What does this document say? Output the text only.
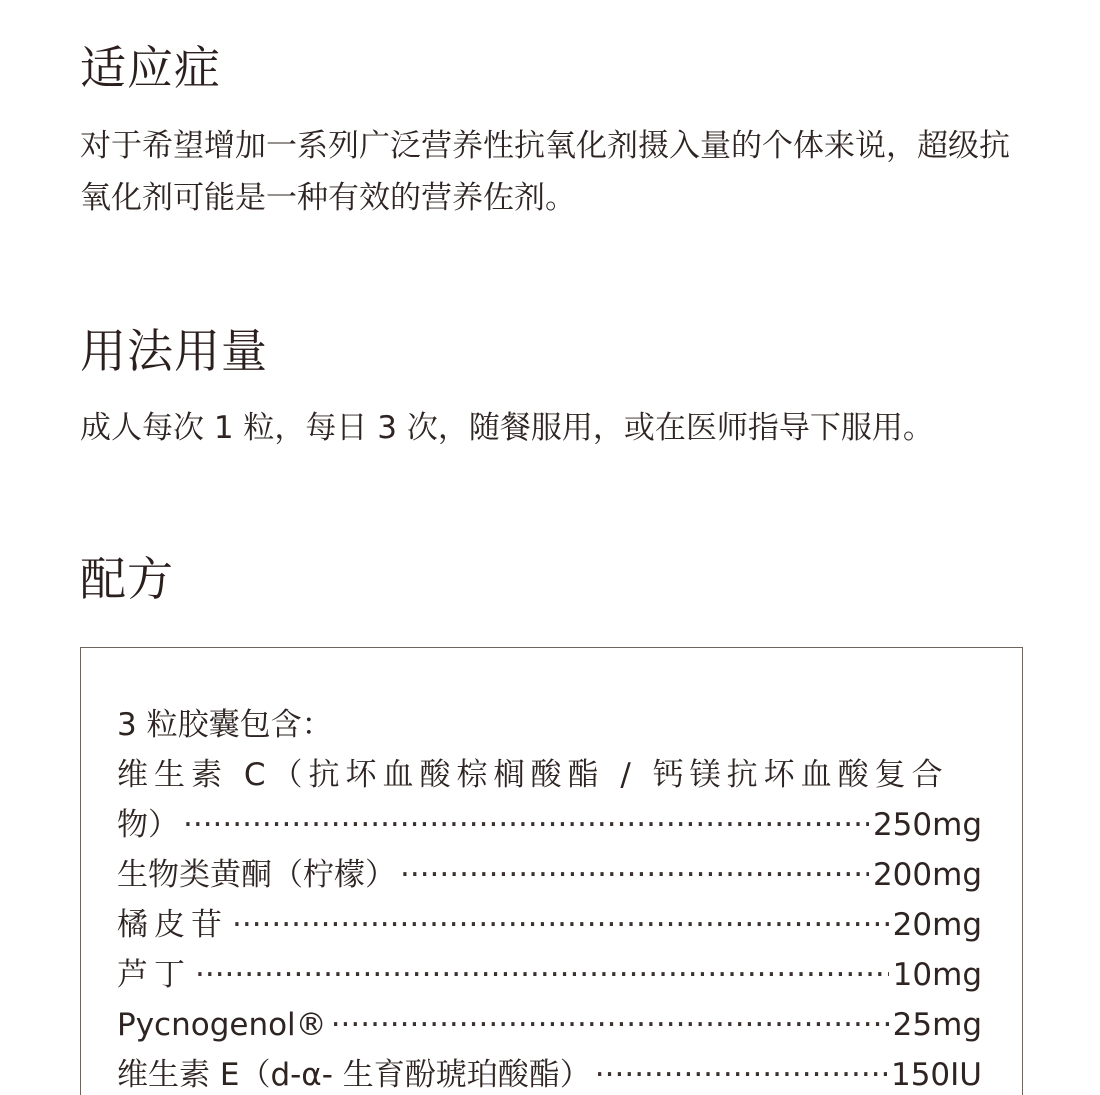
适应症

对于希望增加一系列广泛营养性抗氧化剂摄入量的个体来说，超级抗氧化剂可能是一种有效的营养佐剂。

用法用量

成人每次 1 粒，每日 3 次，随餐服用，或在医师指导下服用。

配方
3 粒胶囊包含：
维生素 C（抗坏血酸棕榈酸酯 / 钙镁抗坏血酸复合
物） ·····	250mg
生物类黄酮（柠檬） ·····	200mg
橘皮苷 ·····	20mg
芦丁 ·····	10mg
Pycnogenol® ·····	25mg
维生素 E（d-α- 生育酚琥珀酸酯） ·····	150IU
